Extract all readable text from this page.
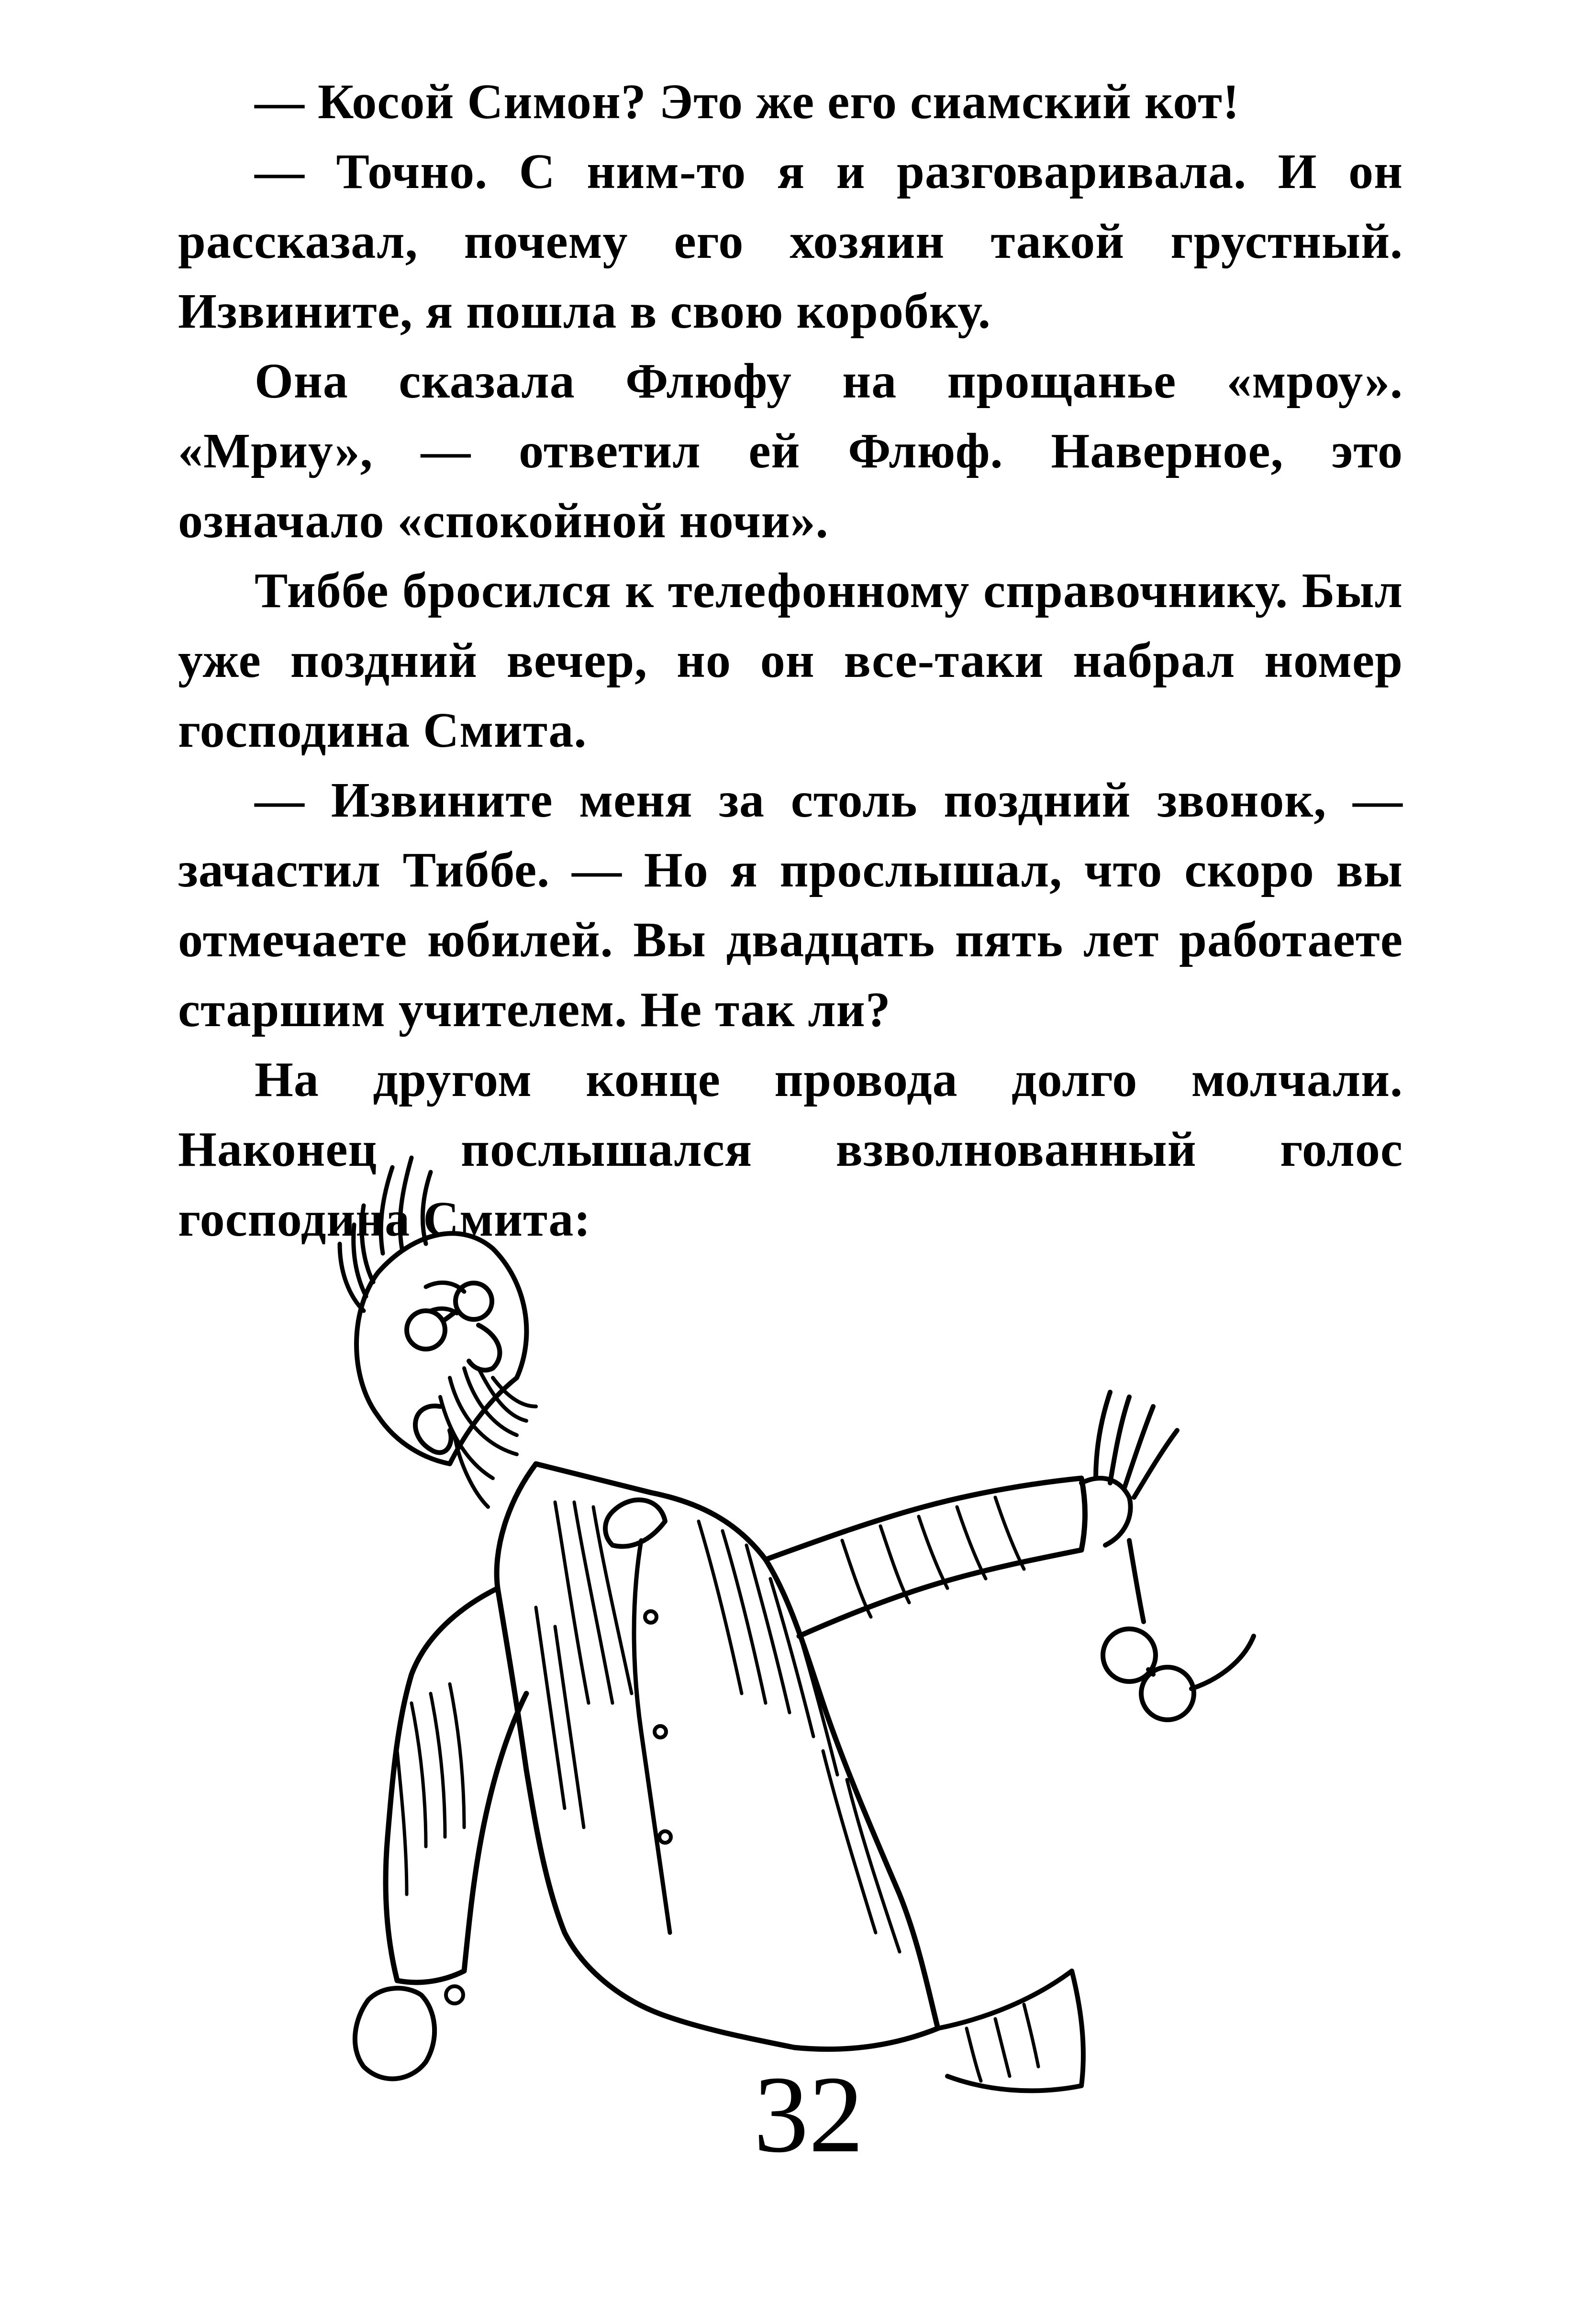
— Косой Симон? Это же его сиамский кот!

— Точно. С ним-то я и разговаривала. И он рассказал, почему его хозяин такой грустный. Извините, я пошла в свою коробку.

Она сказала Флюфу на прощанье «мроу». «Мриу», — ответил ей Флюф. Наверное, это означало «спокойной ночи».

Тиббе бросился к телефонному справочнику. Был уже поздний вечер, но он все-таки набрал номер господина Смита.

— Извините меня за столь поздний звонок, — зачастил Тиббе. — Но я прослышал, что скоро вы отмечаете юбилей. Вы двадцать пять лет работаете старшим учителем. Не так ли?

На другом конце провода долго молчали. Наконец послышался взволнованный голос господина Смита:

32
